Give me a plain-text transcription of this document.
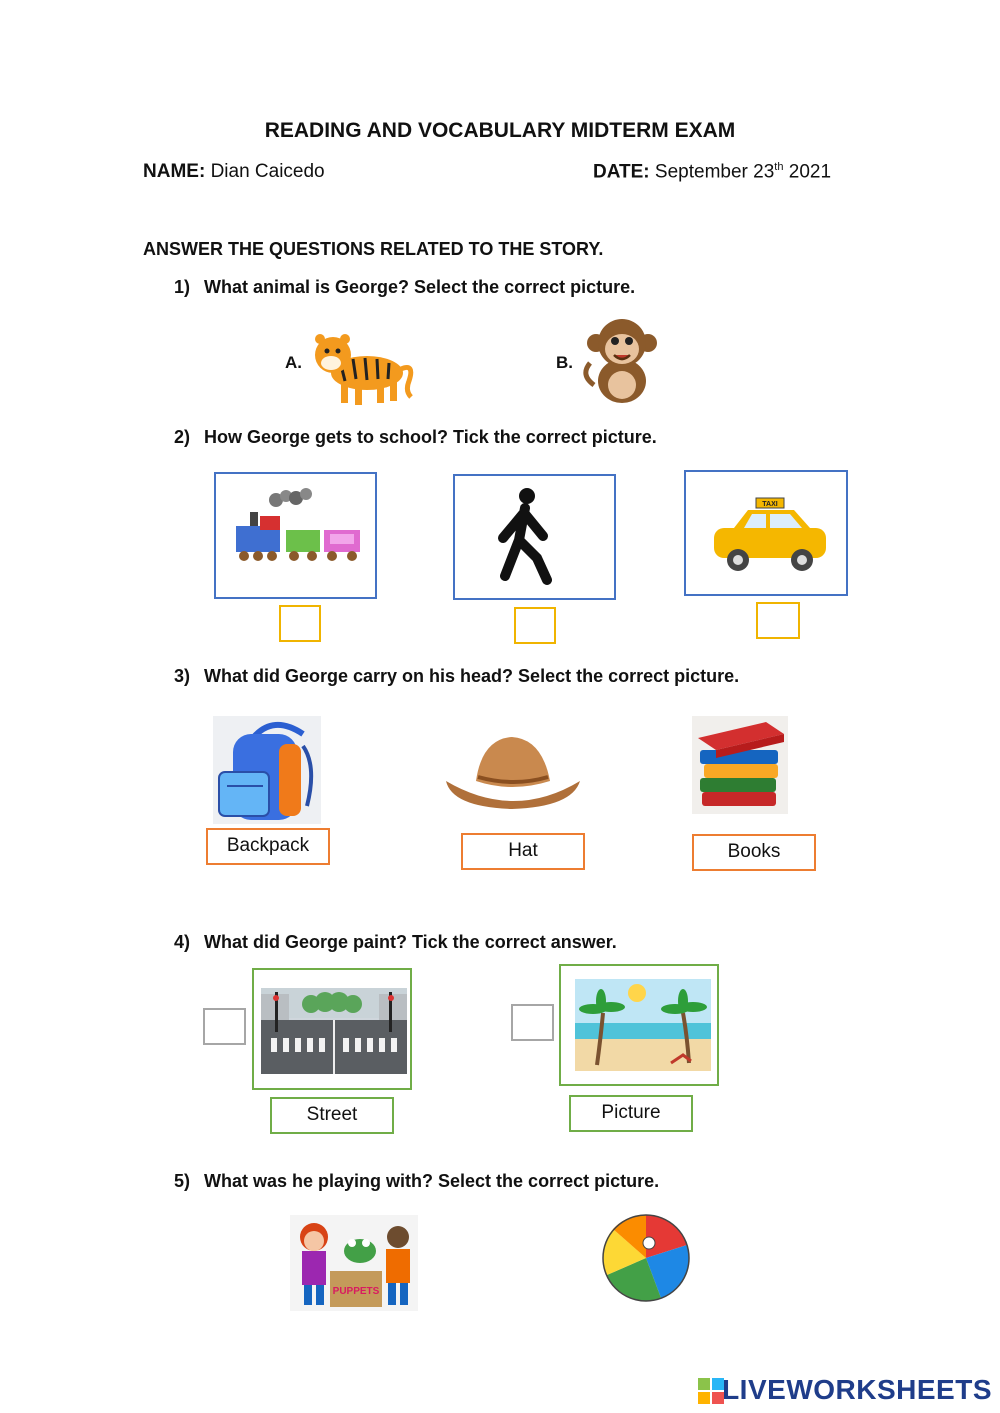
READING AND VOCABULARY MIDTERM EXAM
NAME: Dian Caicedo	DATE: September 23th 2021
ANSWER THE QUESTIONS RELATED TO THE STORY.
1) What animal is George? Select the correct picture.
A.	B.
2) How George gets to school? Tick the correct picture.
TAXI
3) What did George carry on his head? Select the correct picture.
Backpack	Hat	Books
4) What did George paint? Tick the correct answer.
Street	Picture
5) What was he playing with? Select the correct picture.
PUPPETS
LIVEWORKSHEETS
